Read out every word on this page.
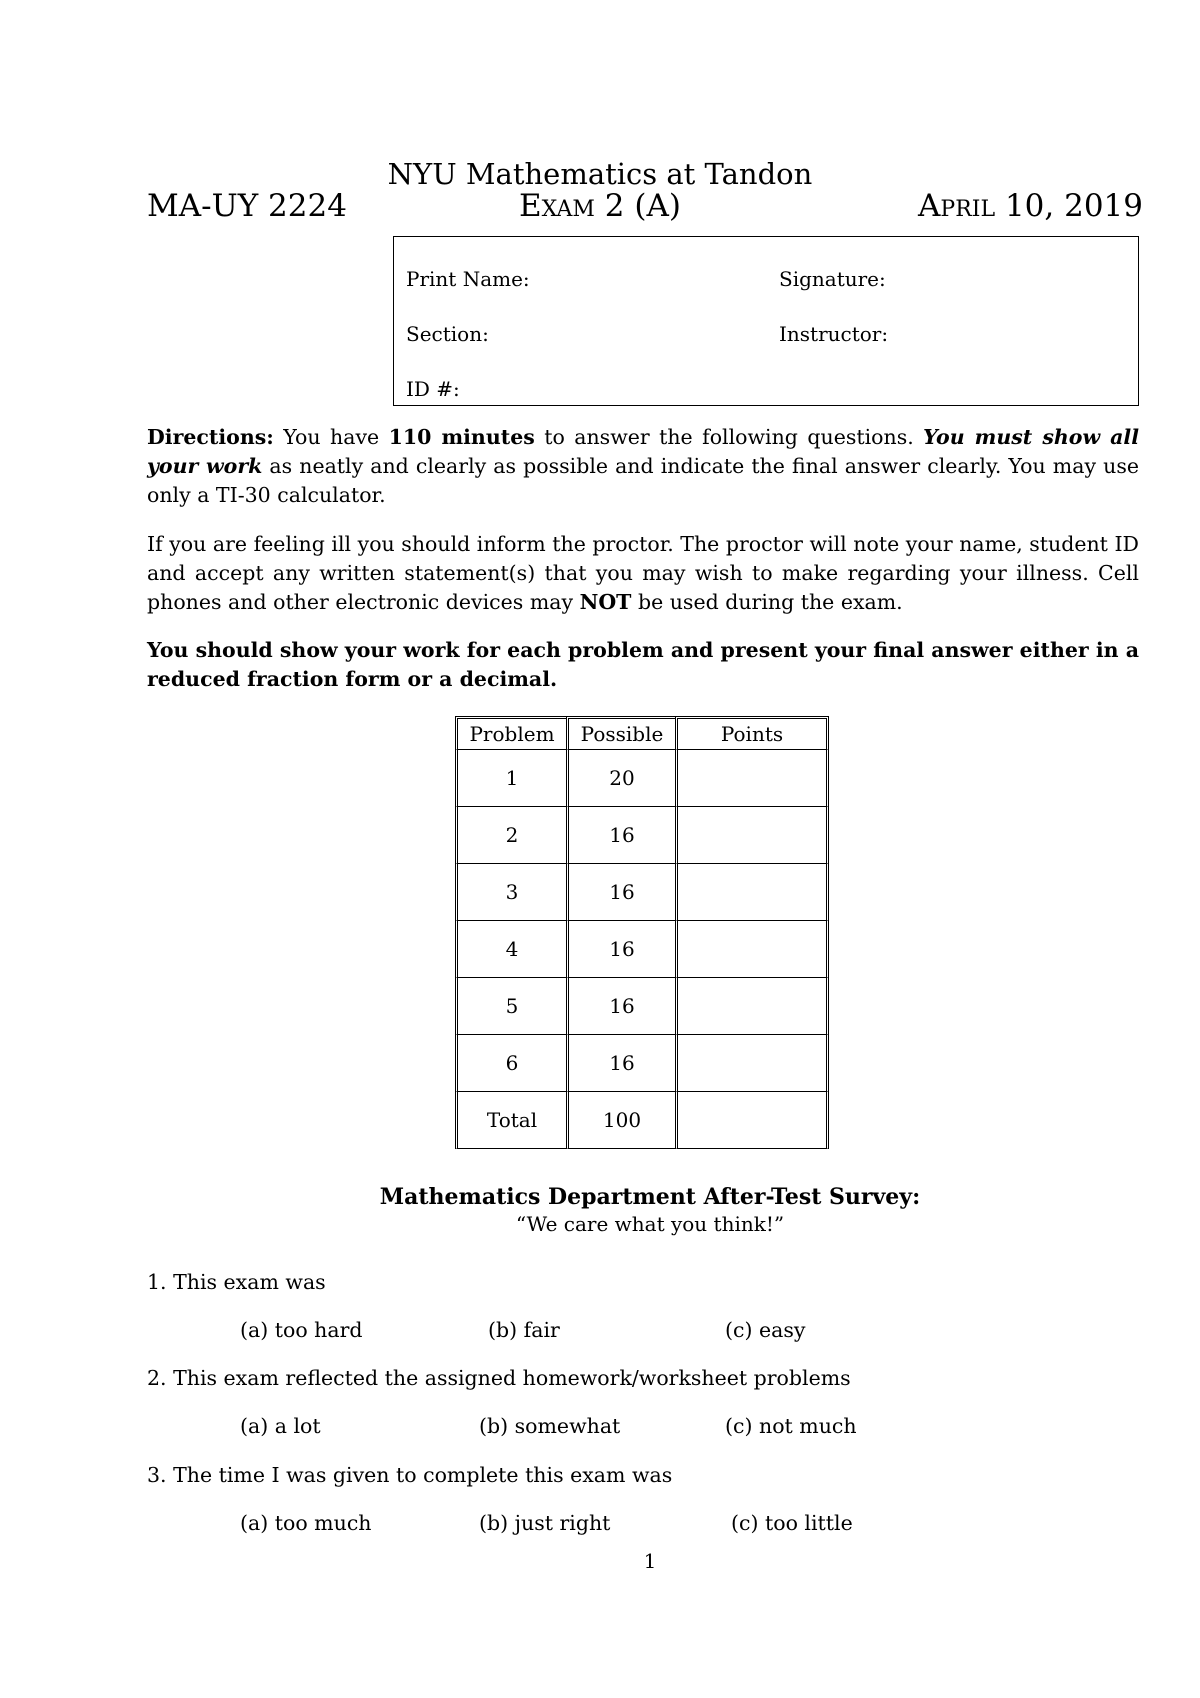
NYU Mathematics at Tandon
MA-UY 2224	Exam 2 (A)	April 10, 2019
Print Name:	Signature:
Section:	Instructor:
ID #:
Directions: You have 110 minutes to answer the following questions. You must show all your work as neatly and clearly as possible and indicate the final answer clearly. You may use only a TI-30 calculator.
If you are feeling ill you should inform the proctor. The proctor will note your name, student ID and accept any written statement(s) that you may wish to make regarding your illness. Cell phones and other electronic devices may NOT be used during the exam.
You should show your work for each problem and present your final answer either in a reduced fraction form or a decimal.
Problem	Possible	Points
1	20	
2	16	
3	16	
4	16	
5	16	
6	16	
Total	100	
Mathematics Department After-Test Survey:
“We care what you think!”
1. This exam was
(a) too hard	(b) fair	(c) easy
2. This exam reflected the assigned homework/worksheet problems
(a) a lot	(b) somewhat	(c) not much
3. The time I was given to complete this exam was
(a) too much	(b) just right	(c) too little
1
